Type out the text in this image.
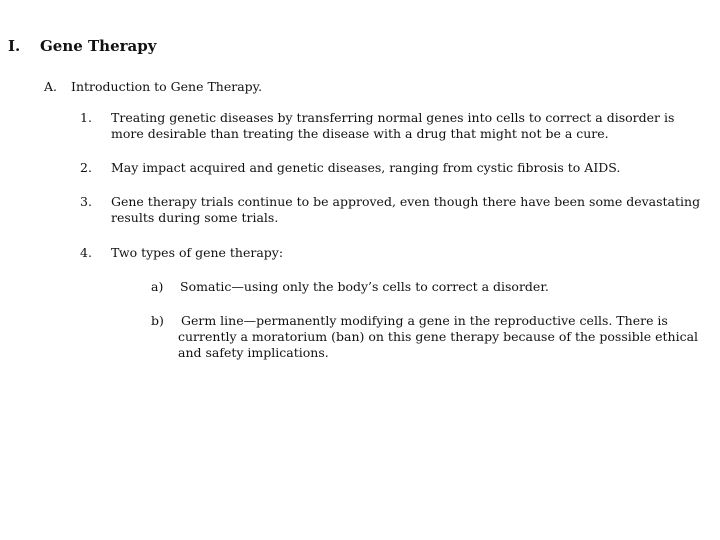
I. Gene Therapy
A. Introduction to Gene Therapy.
1. Treating genetic diseases by transferring normal genes into cells to correct a disorder is more desirable than treating the disease with a drug that might not be a cure.
2. May impact acquired and genetic diseases, ranging from cystic fibrosis to AIDS.
3. Gene therapy trials continue to be approved, even though there have been some devastating results during some trials.
4. Two types of gene therapy:
a) Somatic—using only the body’s cells to correct a disorder.
b) Germ line—permanently modifying a gene in the reproductive cells. There is currently a moratorium (ban) on this gene therapy because of the possible ethical and safety implications.
